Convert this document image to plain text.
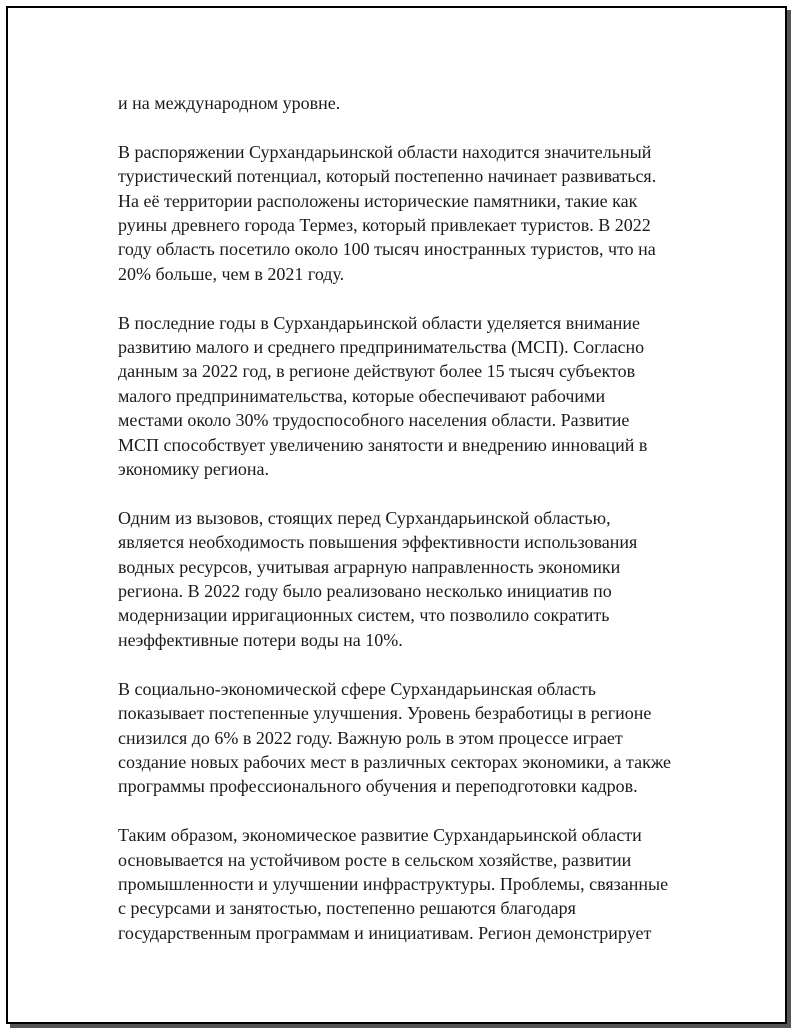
и на международном уровне.

В распоряжении Сурхандарьинской области находится значительный
туристический потенциал, который постепенно начинает развиваться.
На её территории расположены исторические памятники, такие как
руины древнего города Термез, который привлекает туристов. В 2022
году область посетило около 100 тысяч иностранных туристов, что на
20% больше, чем в 2021 году.

В последние годы в Сурхандарьинской области уделяется внимание
развитию малого и среднего предпринимательства (МСП). Согласно
данным за 2022 год, в регионе действуют более 15 тысяч субъектов
малого предпринимательства, которые обеспечивают рабочими
местами около 30% трудоспособного населения области. Развитие
МСП способствует увеличению занятости и внедрению инноваций в
экономику региона.

Одним из вызовов, стоящих перед Сурхандарьинской областью,
является необходимость повышения эффективности использования
водных ресурсов, учитывая аграрную направленность экономики
региона. В 2022 году было реализовано несколько инициатив по
модернизации ирригационных систем, что позволило сократить
неэффективные потери воды на 10%.

В социально-экономической сфере Сурхандарьинская область
показывает постепенные улучшения. Уровень безработицы в регионе
снизился до 6% в 2022 году. Важную роль в этом процессе играет
создание новых рабочих мест в различных секторах экономики, а также
программы профессионального обучения и переподготовки кадров.

Таким образом, экономическое развитие Сурхандарьинской области
основывается на устойчивом росте в сельском хозяйстве, развитии
промышленности и улучшении инфраструктуры. Проблемы, связанные
с ресурсами и занятостью, постепенно решаются благодаря
государственным программам и инициативам. Регион демонстрирует
